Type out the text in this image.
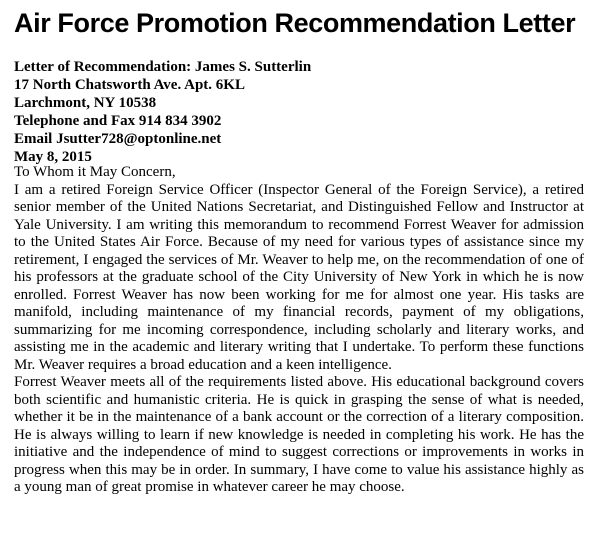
Air Force Promotion Recommendation Letter
Letter of Recommendation: James S. Sutterlin
17 North Chatsworth Ave. Apt. 6KL
Larchmont, NY 10538
Telephone and Fax 914 834 3902
Email Jsutter728@optonline.net
May 8, 2015

To Whom it May Concern,

I am a retired Foreign Service Officer (Inspector General of the Foreign Service), a retired senior member of the United Nations Secretariat, and Distinguished Fellow and Instructor at Yale University. I am writing this memorandum to recommend Forrest Weaver for admission to the United States Air Force. Because of my need for various types of assistance since my retirement, I engaged the services of Mr. Weaver to help me, on the recommendation of one of his professors at the graduate school of the City University of New York in which he is now enrolled. Forrest Weaver has now been working for me for almost one year. His tasks are manifold, including maintenance of my financial records, payment of my obligations, summarizing for me incoming correspondence, including scholarly and literary works, and assisting me in the academic and literary writing that I undertake. To perform these functions Mr. Weaver requires a broad education and a keen intelligence.

Forrest Weaver meets all of the requirements listed above. His educational background covers both scientific and humanistic criteria. He is quick in grasping the sense of what is needed, whether it be in the maintenance of a bank account or the correction of a literary composition. He is always willing to learn if new knowledge is needed in completing his work. He has the initiative and the independence of mind to suggest corrections or improvements in works in progress when this may be in order. In summary, I have come to value his assistance highly as a young man of great promise in whatever career he may choose.
